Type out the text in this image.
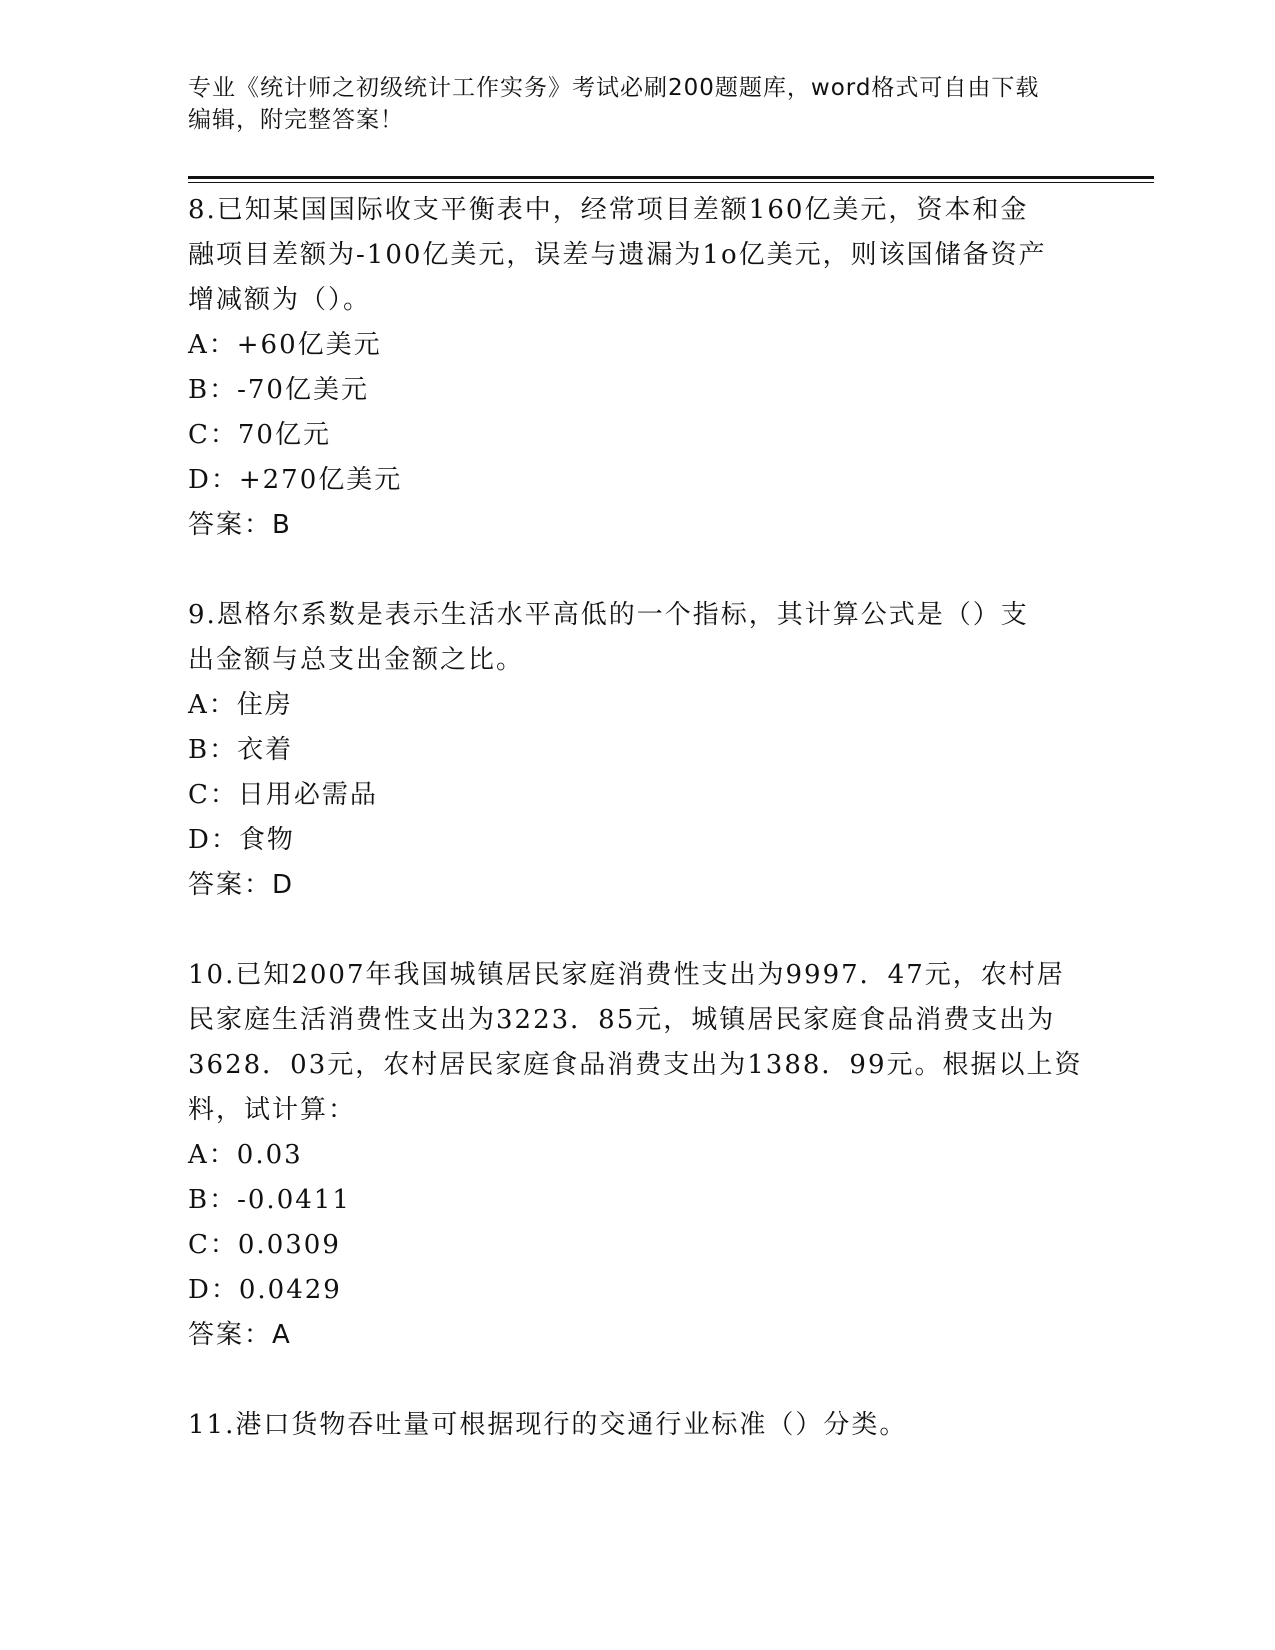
专业《统计师之初级统计工作实务》考试必刷200题题库，word格式可自由下载
编辑，附完整答案！
8.已知某国国际收支平衡表中，经常项目差额160亿美元，资本和金
融项目差额为-100亿美元，误差与遗漏为1o亿美元，则该国储备资产
增减额为（）。
A：+60亿美元
B：-70亿美元
C：70亿元
D：+270亿美元
答案：B
9.恩格尔系数是表示生活水平高低的一个指标，其计算公式是（）支
出金额与总支出金额之比。
A：住房
B：衣着
C：日用必需品
D：食物
答案：D
10.已知2007年我国城镇居民家庭消费性支出为9997．47元，农村居
民家庭生活消费性支出为3223．85元，城镇居民家庭食品消费支出为
3628．03元，农村居民家庭食品消费支出为1388．99元。根据以上资
料，试计算：
A：0.03
B：-0.0411
C：0.0309
D：0.0429
答案：A
11.港口货物吞吐量可根据现行的交通行业标准（）分类。
